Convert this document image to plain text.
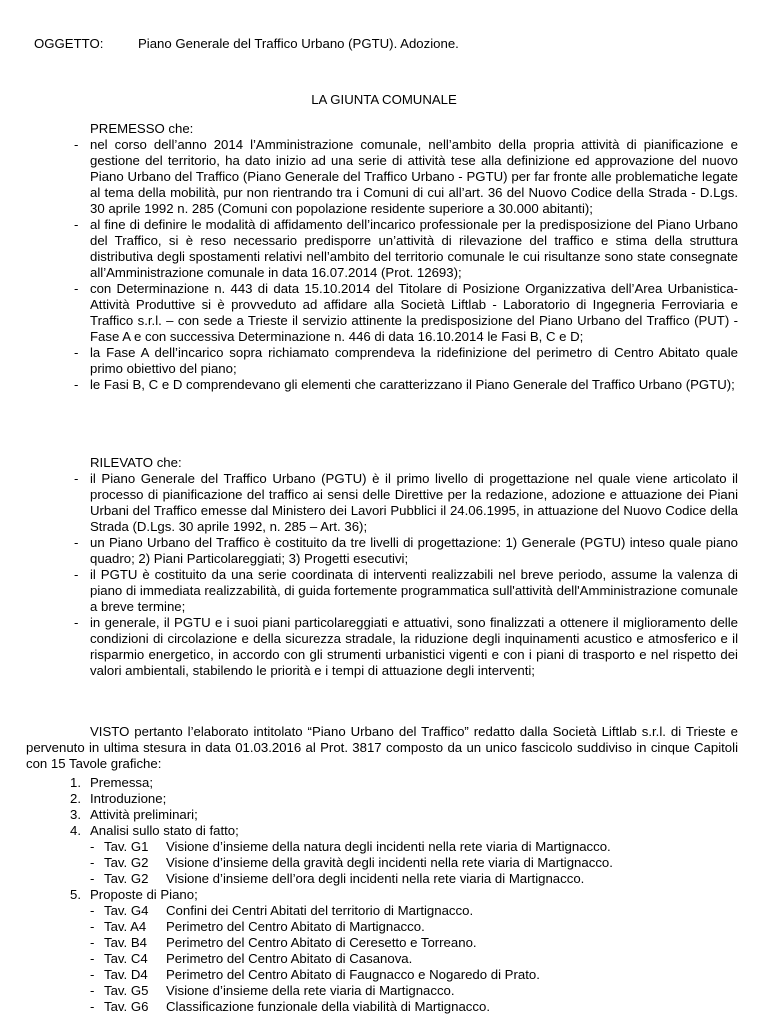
OGGETTO:	Piano Generale del Traffico Urbano (PGTU). Adozione.
LA GIUNTA COMUNALE
PREMESSO che:
- nel corso dell’anno 2014 l’Amministrazione comunale, nell’ambito della propria attività di pianificazione e gestione del territorio, ha dato inizio ad una serie di attività tese alla definizione ed approvazione del nuovo Piano Urbano del Traffico (Piano Generale del Traffico Urbano - PGTU) per far fronte alle problematiche legate al tema della mobilità, pur non rientrando tra i Comuni di cui all’art. 36 del Nuovo Codice della Strada - D.Lgs. 30 aprile 1992 n. 285 (Comuni con popolazione residente superiore a 30.000 abitanti);
- al fine di definire le modalità di affidamento dell’incarico professionale per la predisposizione del Piano Urbano del Traffico, si è reso necessario predisporre un’attività di rilevazione del traffico e stima della struttura distributiva degli spostamenti relativi nell’ambito del territorio comunale le cui risultanze sono state consegnate all’Amministrazione comunale in data 16.07.2014 (Prot. 12693);
- con Determinazione n. 443 di data 15.10.2014 del Titolare di Posizione Organizzativa dell’Area Urbanistica-Attività Produttive si è provveduto ad affidare alla Società Liftlab - Laboratorio di Ingegneria Ferroviaria e Traffico s.r.l. – con sede a Trieste il servizio attinente la predisposizione del Piano Urbano del Traffico (PUT) - Fase A e con successiva Determinazione n. 446 di data 16.10.2014 le Fasi B, C e D;
- la Fase A dell’incarico sopra richiamato comprendeva la ridefinizione del perimetro di Centro Abitato quale primo obiettivo del piano;
- le Fasi B, C e D comprendevano gli elementi che caratterizzano il Piano Generale del Traffico Urbano (PGTU);
RILEVATO che:
- il Piano Generale del Traffico Urbano (PGTU) è il primo livello di progettazione nel quale viene articolato il processo di pianificazione del traffico ai sensi delle Direttive per la redazione, adozione e attuazione dei Piani Urbani del Traffico emesse dal Ministero dei Lavori Pubblici il 24.06.1995, in attuazione del Nuovo Codice della Strada (D.Lgs. 30 aprile 1992, n. 285 – Art. 36);
- un Piano Urbano del Traffico è costituito da tre livelli di progettazione: 1) Generale (PGTU) inteso quale piano quadro; 2) Piani Particolareggiati; 3) Progetti esecutivi;
- il PGTU è costituito da una serie coordinata di interventi realizzabili nel breve periodo, assume la valenza di piano di immediata realizzabilità, di guida fortemente programmatica sull'attività dell'Amministrazione comunale a breve termine;
- in generale, il PGTU e i suoi piani particolareggiati e attuativi, sono finalizzati a ottenere il miglioramento delle condizioni di circolazione e della sicurezza stradale, la riduzione degli inquinamenti acustico e atmosferico e il risparmio energetico, in accordo con gli strumenti urbanistici vigenti e con i piani di trasporto e nel rispetto dei valori ambientali, stabilendo le priorità e i tempi di attuazione degli interventi;
VISTO pertanto l’elaborato intitolato “Piano Urbano del Traffico” redatto dalla Società Liftlab s.r.l. di Trieste e pervenuto in ultima stesura in data 01.03.2016 al Prot. 3817 composto da un unico fascicolo suddiviso in cinque Capitoli con 15 Tavole grafiche:
1. Premessa;
2. Introduzione;
3. Attività preliminari;
4. Analisi sullo stato di fatto;
- Tav. G1	Visione d’insieme della natura degli incidenti nella rete viaria di Martignacco.
- Tav. G2	Visione d’insieme della gravità degli incidenti nella rete viaria di Martignacco.
- Tav. G2	Visione d’insieme dell’ora degli incidenti nella rete viaria di Martignacco.
5. Proposte di Piano;
- Tav. G4	Confini dei Centri Abitati del territorio di Martignacco.
- Tav. A4	Perimetro del Centro Abitato di Martignacco.
- Tav. B4	Perimetro del Centro Abitato di Ceresetto e Torreano.
- Tav. C4	Perimetro del Centro Abitato di Casanova.
- Tav. D4	Perimetro del Centro Abitato di Faugnacco e Nogaredo di Prato.
- Tav. G5	Visione d’insieme della rete viaria di Martignacco.
- Tav. G6	Classificazione funzionale della viabilità di Martignacco.
